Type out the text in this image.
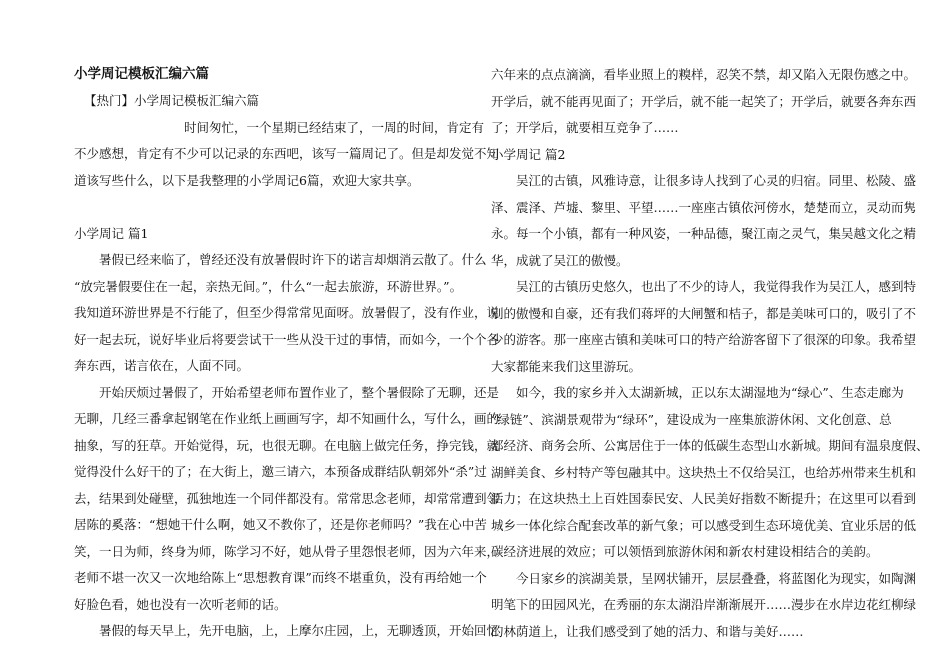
小学周记模板汇编六篇
【热门】小学周记模板汇编六篇
时间匆忙，一个星期已经结束了，一周的时间，肯定有
不少感想，肯定有不少可以记录的东西吧，该写一篇周记了。但是却发觉不知
道该写些什么，以下是我整理的小学周记6篇，欢迎大家共享。
小学周记 篇1
暑假已经来临了，曾经还没有放暑假时许下的诺言却烟消云散了。什么
“放完暑假要住在一起，亲热无间。”，什么“一起去旅游，环游世界。”。
我知道环游世界是不行能了，但至少得常常见面呀。放暑假了，没有作业，说
好一起去玩，说好毕业后将要尝试干一些从没干过的事情，而如今，一个个各
奔东西，诺言依在，人面不同。
开始厌烦过暑假了，开始希望老师布置作业了，整个暑假除了无聊，还是
无聊，几经三番拿起钢笔在作业纸上画画写字，却不知画什么，写什么，画的
抽象，写的狂草。开始觉得，玩，也很无聊。在电脑上做完任务，挣完钱，就
觉得没什么好干的了；在大街上，邀三请六，本预备成群结队朝郊外“杀”过
去，结果到处碰壁，孤独地连一个同伴都没有。常常思念老师，却常常遭到邻
居陈的奚落：“想她干什么啊，她又不教你了，还是你老师吗？”我在心中苦
笑，一日为师，终身为师，陈学习不好，她从骨子里怨恨老师，因为六年来，
老师不堪一次又一次地给陈上“思想教育课”而终不堪重负，没有再给她一个
好脸色看，她也没有一次听老师的话。
暑假的每天早上，先开电脑，上，上摩尔庄园，上，无聊透顶，开始回忆
六年来的点点滴滴，看毕业照上的糗样，忍笑不禁，却又陷入无限伤感之中。
开学后，就不能再见面了；开学后，就不能一起笑了；开学后，就要各奔东西
了；开学后，就要相互竞争了……
小学周记 篇2
吴江的古镇，风雅诗意，让很多诗人找到了心灵的归宿。同里、松陵、盛
泽、震泽、芦墟、黎里、平望……一座座古镇依河傍水，楚楚而立，灵动而隽
永。每一个小镇，都有一种风姿，一种品德，聚江南之灵气，集吴越文化之精
华，成就了吴江的傲慢。
吴江的古镇历史悠久，也出了不少的诗人，我觉得我作为吴江人，感到特
别的傲慢和自豪，还有我们蒋坪的大闸蟹和桔子，都是美味可口的，吸引了不
少的游客。那一座座古镇和美味可口的特产给游客留下了很深的印象。我希望
大家都能来我们这里游玩。
如今，我的家乡并入太湖新城，正以东太湖湿地为“绿心”、生态走廊为
“绿链”、滨湖景观带为“绿环”，建设成为一座集旅游休闲、文化创意、总
部经济、商务会所、公寓居住于一体的低碳生态型山水新城。期间有温泉度假、
湖鲜美食、乡村特产等包融其中。这块热土不仅给吴江，也给苏州带来生机和
活力；在这块热土上百姓国泰民安、人民美好指数不断提升；在这里可以看到
城乡一体化综合配套改革的新气象；可以感受到生态环境优美、宜业乐居的低
碳经济进展的效应；可以领悟到旅游休闲和新农村建设相结合的美韵。
今日家乡的滨湖美景，呈网状铺开，层层叠叠，将蓝图化为现实，如陶渊
明笔下的田园风光，在秀丽的东太湖沿岸渐渐展开……漫步在水岸边花红柳绿
的林荫道上，让我们感受到了她的活力、和谐与美好……
